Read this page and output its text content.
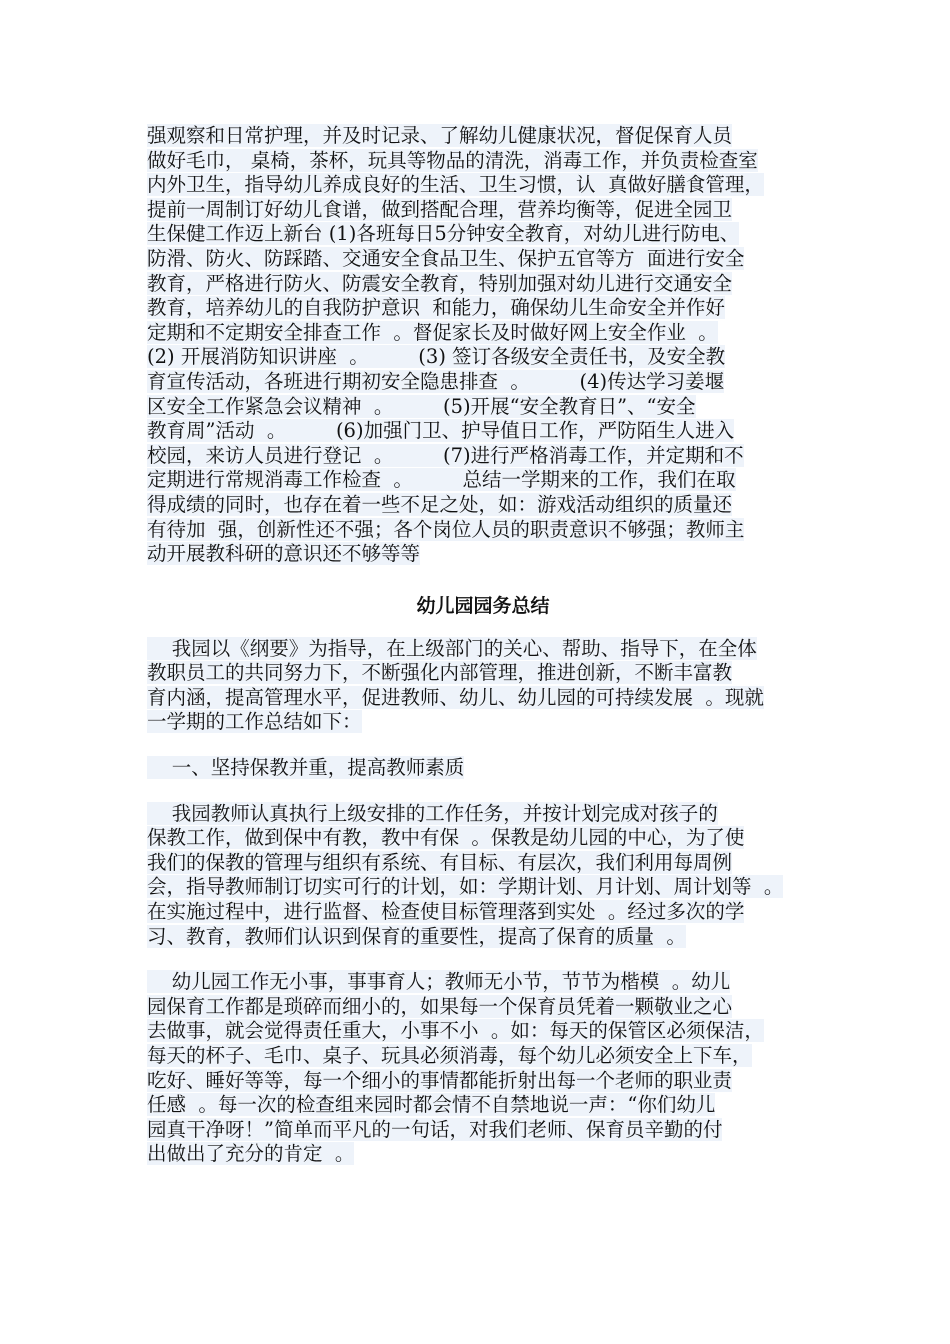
强观察和日常护理，并及时记录、了解幼儿健康状况，督促保育人员
做好毛巾， 桌椅，茶杯，玩具等物品的清洗，消毒工作，并负责检查室
内外卫生，指导幼儿养成良好的生活、卫生习惯，认  真做好膳食管理，
提前一周制订好幼儿食谱，做到搭配合理，营养均衡等，促进全园卫
生保健工作迈上新台 (1)各班每日5分钟安全教育，对幼儿进行防电、
防滑、防火、防踩踏、交通安全食品卫生、保护五官等方  面进行安全
教育，严格进行防火、防震安全教育，特别加强对幼儿进行交通安全
教育，培养幼儿的自我防护意识  和能力，确保幼儿生命安全并作好
定期和不定期安全排查工作  。督促家长及时做好网上安全作业  。
(2) 开展消防知识讲座  。        (3) 签订各级安全责任书，及安全教
育宣传活动，各班进行期初安全隐患排查  。        (4)传达学习姜堰
区安全工作紧急会议精神  。        (5)开展“安全教育日”、“安全
教育周”活动  。        (6)加强门卫、护导值日工作，严防陌生人进入
校园，来访人员进行登记  。        (7)进行严格消毒工作，并定期和不
定期进行常规消毒工作检查  。        总结一学期来的工作，我们在取
得成绩的同时，也存在着一些不足之处，如：游戏活动组织的质量还
有待加  强，创新性还不强；各个岗位人员的职责意识不够强；教师主
动开展教科研的意识还不够等等
幼儿园园务总结
我园以《纲要》为指导，在上级部门的关心、帮助、指导下，在全体
教职员工的共同努力下，不断强化内部管理，推进创新，不断丰富教
育内涵，提高管理水平，促进教师、幼儿、幼儿园的可持续发展  。现就
一学期的工作总结如下：
一、坚持保教并重，提高教师素质
我园教师认真执行上级安排的工作任务，并按计划完成对孩子的
保教工作，做到保中有教，教中有保  。保教是幼儿园的中心，为了使
我们的保教的管理与组织有系统、有目标、有层次，我们利用每周例
会，指导教师制订切实可行的计划，如：学期计划、月计划、周计划等  。
在实施过程中，进行监督、检查使目标管理落到实处  。经过多次的学
习、教育，教师们认识到保育的重要性，提高了保育的质量  。
幼儿园工作无小事，事事育人；教师无小节，节节为楷模  。幼儿
园保育工作都是琐碎而细小的，如果每一个保育员凭着一颗敬业之心
去做事，就会觉得责任重大，小事不小  。如：每天的保管区必须保洁，
每天的杯子、毛巾、桌子、玩具必须消毒，每个幼儿必须安全上下车，
吃好、睡好等等，每一个细小的事情都能折射出每一个老师的职业责
任感  。每一次的检查组来园时都会情不自禁地说一声：“你们幼儿
园真干净呀！”简单而平凡的一句话，对我们老师、保育员辛勤的付
出做出了充分的肯定  。
